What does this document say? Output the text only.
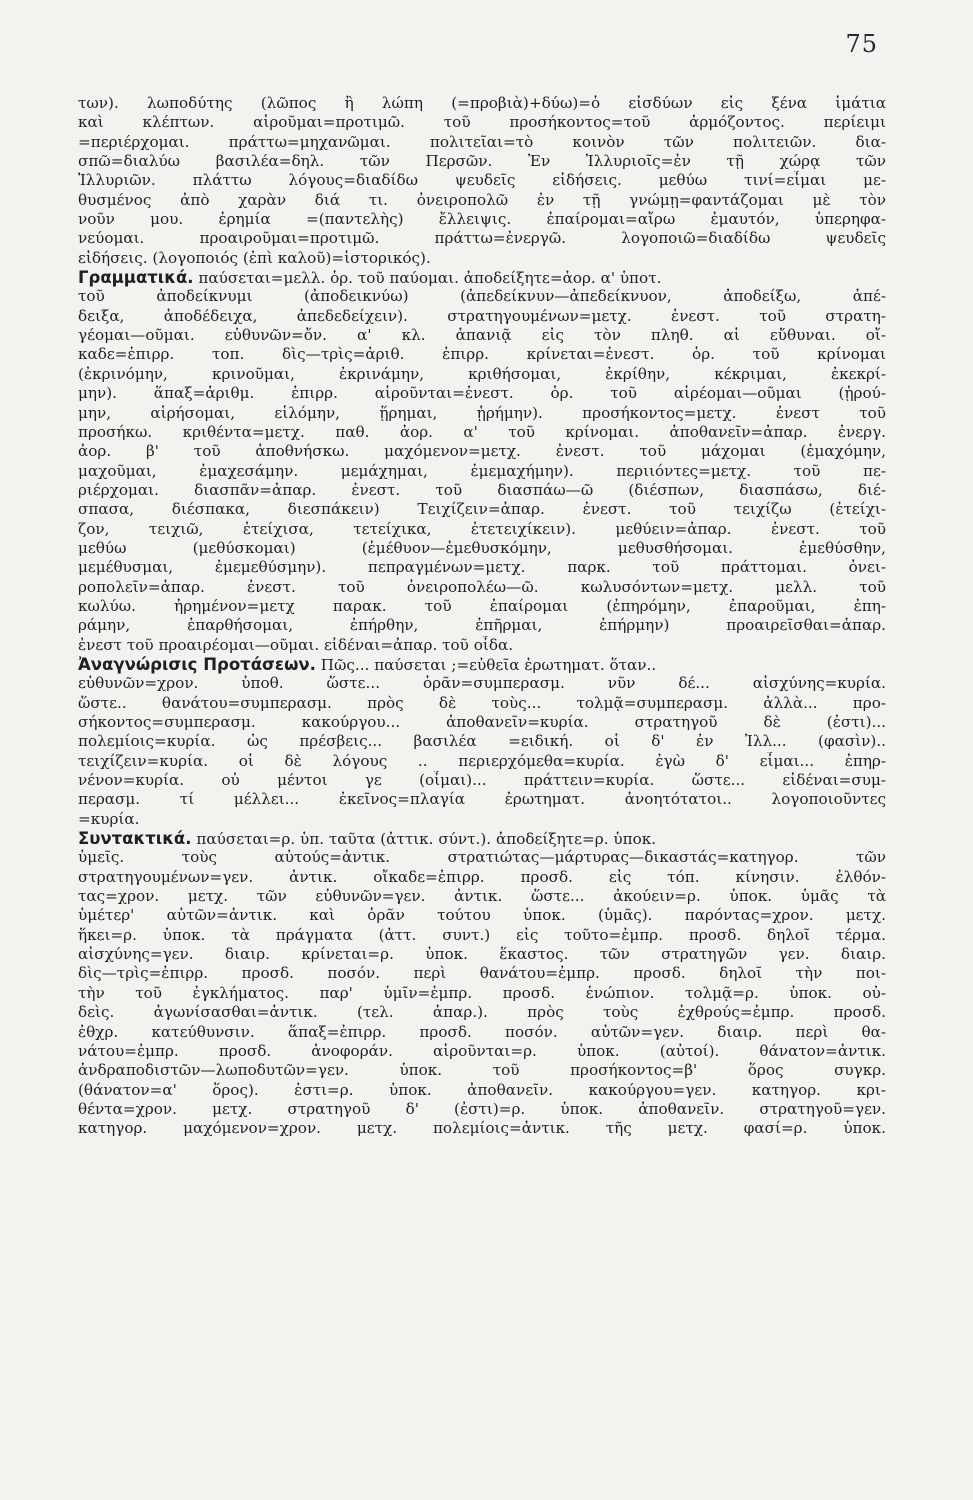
75
των). λωποδύτης (λῶπος ἢ λώπη (=προβιὰ)+δύω)=ὁ εἰσδύων εἰς ξένα ἱμάτια
καὶ κλέπτων. αἱροῦμαι=προτιμῶ. τοῦ προσήκοντος=τοῦ ἁρμόζοντος. περίειμι
=περιέρχομαι. πράττω=μηχανῶμαι. πολιτεῖαι=τὸ κοινὸν τῶν πολιτειῶν. δια-
σπῶ=διαλύω βασιλέα=δηλ. τῶν Περσῶν. Ἐν Ἰλλυριοῖς=ἐν τῇ χώρᾳ τῶν
Ἰλλυριῶν. πλάττω λόγους=διαδίδω ψευδεῖς εἰδήσεις. μεθύω τινί=εἶμαι με-
θυσμένος ἀπὸ χαρὰν διά τι. ὀνειροπολῶ ἐν τῇ γνώμῃ=φαντάζομαι μὲ τὸν
νοῦν μου. ἐρημία =(παντελὴς) ἔλλειψις. ἐπαίρομαι=αἴρω ἐμαυτόν, ὑπερηφα-
νεύομαι. προαιροῦμαι=προτιμῶ. πράττω=ἐνεργῶ. λογοποιῶ=διαδίδω ψευδεῖς
εἰδήσεις. (λογοποιός (ἐπὶ καλοῦ)=ἱστορικός).
Γραμματικά. παύσεται=μελλ. ὁρ. τοῦ παύομαι. ἀποδείξητε=ἀορ. α' ὑποτ.
τοῦ ἀποδείκνυμι (ἀποδεικνύω) (ἀπεδείκνυν—ἀπεδείκνυον, ἀποδείξω, ἀπέ-
δειξα, ἀποδέδειχα, ἀπεδεδείχειν). στρατηγουμένων=μετχ. ἐνεστ. τοῦ στρατη-
γέομαι—οῦμαι. εὐθυνῶν=ὄν. α' κλ. ἁπανιᾷ εἰς τὸν πληθ. αἱ εὔθυναι. οἴ-
καδε=ἐπιρρ. τοπ. δὶς—τρὶς=ἀριθ. ἐπιρρ. κρίνεται=ἐνεστ. ὁρ. τοῦ κρίνομαι
(ἐκρινόμην, κρινοῦμαι, ἐκρινάμην, κριθήσομαι, ἐκρίθην, κέκριμαι, ἐκεκρί-
μην). ἅπαξ=ἀριθμ. ἐπιρρ. αἱροῦνται=ἐνεστ. ὁρ. τοῦ αἱρέομαι—οῦμαι (ᾑρού-
μην, αἱρήσομαι, εἱλόμην, ᾕρημαι, ᾑρήμην). προσήκοντος=μετχ. ἐνεστ τοῦ
προσήκω. κριθέντα=μετχ. παθ. ἀορ. α' τοῦ κρίνομαι. ἀποθανεῖν=ἀπαρ. ἐνεργ.
ἀορ. β' τοῦ ἀποθνήσκω. μαχόμενον=μετχ. ἐνεστ. τοῦ μάχομαι (ἐμαχόμην,
μαχοῦμαι, ἐμαχεσάμην. μεμάχημαι, ἐμεμαχήμην). περιιόντες=μετχ. τοῦ πε-
ριέρχομαι. διασπᾶν=ἀπαρ. ἐνεστ. τοῦ διασπάω—ῶ (διέσπων, διασπάσω, διέ-
σπασα, διέσπακα, διεσπάκειν) Τειχίζειν=ἀπαρ. ἐνεστ. τοῦ τειχίζω (ἐτείχι-
ζον, τειχιῶ, ἐτείχισα, τετείχικα, ἐτετειχίκειν). μεθύειν=ἀπαρ. ἐνεστ. τοῦ
μεθύω (μεθύσκομαι) (ἐμέθυον—ἐμεθυσκόμην, μεθυσθήσομαι. ἐμεθύσθην,
μεμέθυσμαι, ἐμεμεθύσμην). πεπραγμένων=μετχ. παρκ. τοῦ πράττομαι. ὀνει-
ροπολεῖν=ἀπαρ. ἐνεστ. τοῦ ὀνειροπολέω—ῶ. κωλυσόντων=μετχ. μελλ. τοῦ
κωλύω. ἠρημένον=μετχ παρακ. τοῦ ἐπαίρομαι (ἐπηρόμην, ἐπαροῦμαι, ἐπη-
ράμην, ἐπαρθήσομαι, ἐπήρθην, ἐπῆρμαι, ἐπήρμην) προαιρεῖσθαι=ἀπαρ.
ἐνεστ τοῦ προαιρέομαι—οῦμαι. εἰδέναι=ἀπαρ. τοῦ οἶδα.
Ἀναγνώρισις Προτάσεων. Πῶς... παύσεται ;=εὐθεῖα ἐρωτηματ. ὅταν..
εὐθυνῶν=χρον. ὑποθ. ὥστε... ὁρᾶν=συμπερασμ. νῦν δέ... αἰσχύνης=κυρία.
ὥστε.. θανάτου=συμπερασμ. πρὸς δὲ τοὺς... τολμᾷ=συμπερασμ. ἀλλὰ... προ-
σήκοντος=συμπερασμ. κακούργου... ἀποθανεῖν=κυρία. στρατηγοῦ δὲ (ἐστι)...
πολεμίοις=κυρία. ὡς πρέσβεις... βασιλέα =ειδική. οἱ δ' ἐν Ἰλλ... (φασὶν)..
τειχίζειν=κυρία. οἱ δὲ λόγους .. περιερχόμεθα=κυρία. ἐγὼ δ' εἶμαι... ἐπηρ-
νένον=κυρία. οὐ μέντοι γε (οἶμαι)... πράττειν=κυρία. ὥστε... εἰδέναι=συμ-
περασμ. τί μέλλει... ἐκεῖνος=πλαγία ἐρωτηματ. ἀνοητότατοι.. λογοποιοῦντες
=κυρία.
Συντακτικά. παύσεται=ρ. ὑπ. ταῦτα (ἀττικ. σύντ.). ἀποδείξητε=ρ. ὑποκ.
ὑμεῖς. τοὺς αὐτούς=ἀντικ. στρατιώτας—μάρτυρας—δικαστάς=κατηγορ. τῶν
στρατηγουμένων=γεν. ἀντικ. οἴκαδε=ἐπιρρ. προσδ. εἰς τόπ. κίνησιν. ἐλθόν-
τας=χρον. μετχ. τῶν εὐθυνῶν=γεν. ἀντικ. ὥστε... ἀκούειν=ρ. ὑποκ. ὑμᾶς τὰ
ὑμέτερ' αὐτῶν=ἀντικ. καὶ ὁρᾶν τούτου ὑποκ. (ὑμᾶς). παρόντας=χρον. μετχ.
ἥκει=ρ. ὑποκ. τὰ πράγματα (ἀττ. συντ.) εἰς τοῦτο=ἐμπρ. προσδ. δηλοῖ τέρμα.
αἰσχύνης=γεν. διαιρ. κρίνεται=ρ. ὑποκ. ἕκαστος. τῶν στρατηγῶν γεν. διαιρ.
δὶς—τρὶς=ἐπιρρ. προσδ. ποσόν. περὶ θανάτου=ἐμπρ. προσδ. δηλοῖ τὴν ποι-
τὴν τοῦ ἐγκλήματος. παρ' ὑμῖν=ἐμπρ. προσδ. ἐνώπιον. τολμᾷ=ρ. ὑποκ. οὐ-
δεὶς. ἀγωνίσασθαι=ἀντικ. (τελ. ἀπαρ.). πρὸς τοὺς ἐχθρούς=ἐμπρ. προσδ.
ἐθχρ. κατεύθυνσιν. ἅπαξ=ἐπιρρ. προσδ. ποσόν. αὐτῶν=γεν. διαιρ. περὶ θα-
νάτου=ἐμπρ. προσδ. ἀνοφοράν. αἱροῦνται=ρ. ὑποκ. (αὐτοί). θάνατον=ἀντικ.
ἀνδραποδιστῶν—λωποδυτῶν=γεν. ὑποκ. τοῦ προσήκοντος=β' ὅρος συγκρ.
(θάνατον=α' ὅρος). ἐστι=ρ. ὑποκ. ἀποθανεῖν. κακούργου=γεν. κατηγορ. κρι-
θέντα=χρον. μετχ. στρατηγοῦ δ' (ἐστι)=ρ. ὑποκ. ἀποθανεῖν. στρατηγοῦ=γεν.
κατηγορ. μαχόμενον=χρον. μετχ. πολεμίοις=ἀντικ. τῆς μετχ. φασί=ρ. ὑποκ.
